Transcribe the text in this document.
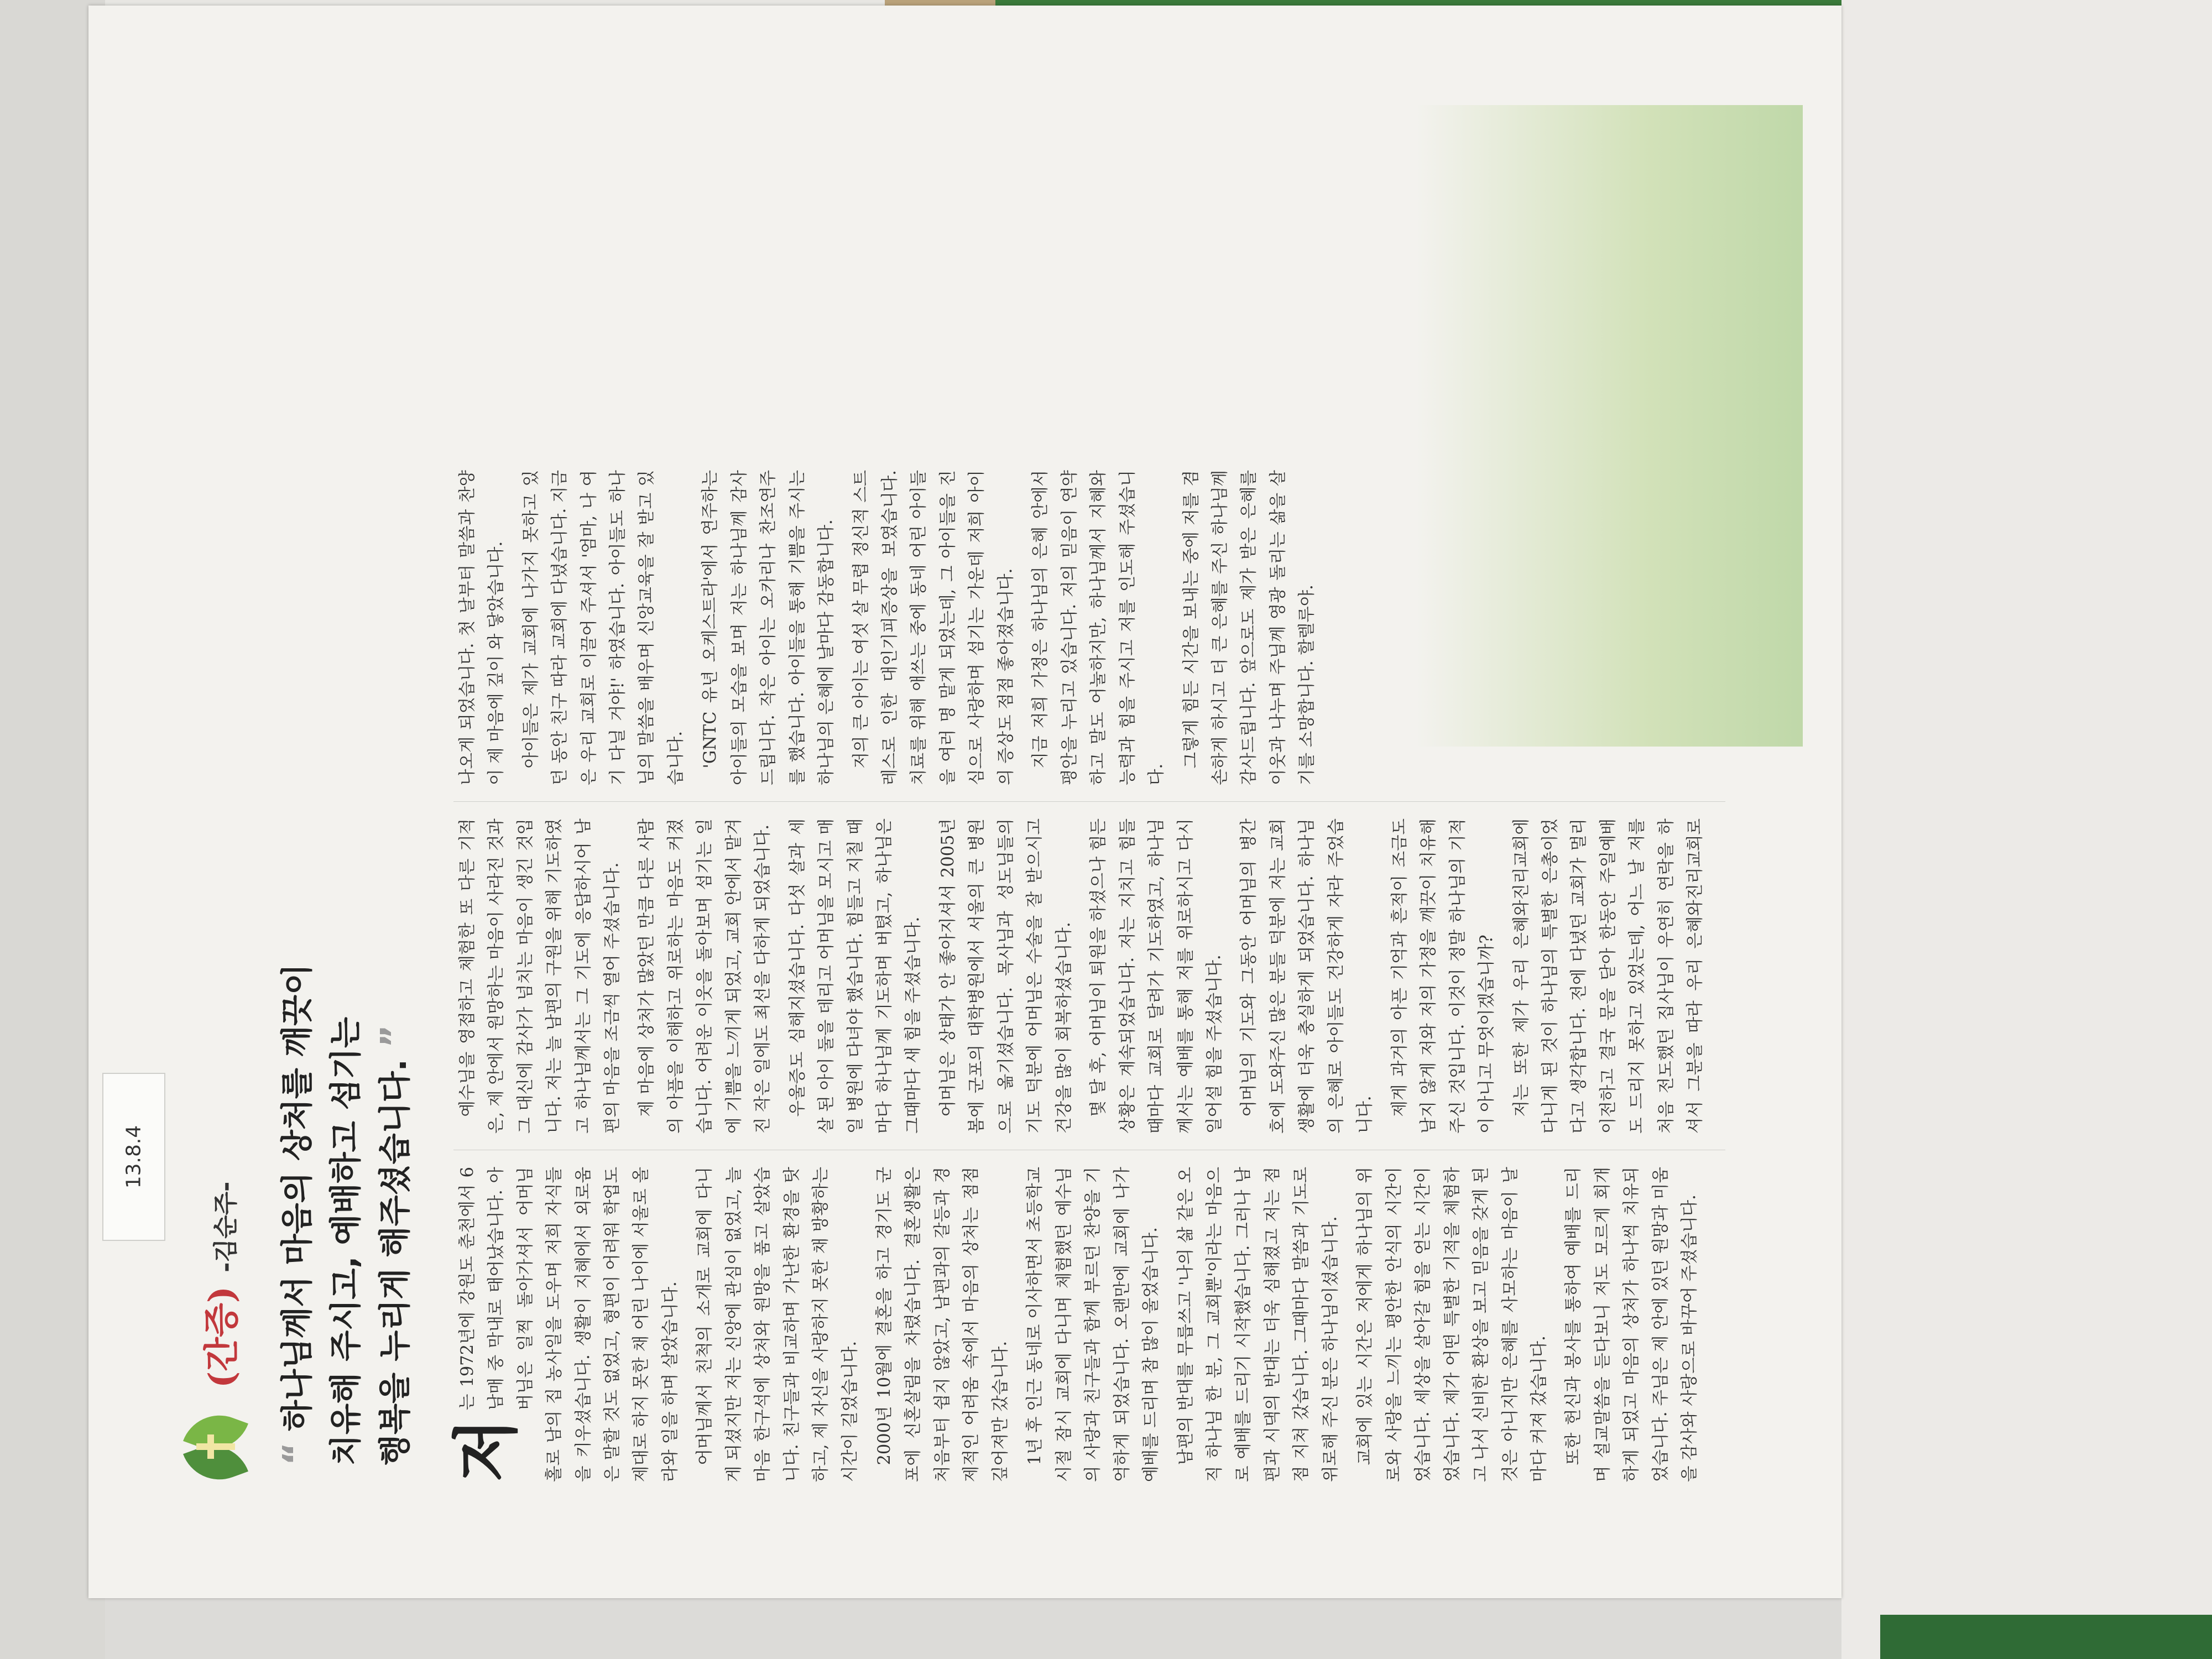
(간증) -김순주-
“ 하나님께서 마음의 상처를 깨끗이 치유해 주시고, 예배하고 섬기는 행복을 누리게 해주셨습니다. ”

저
는 1972년에 강원도 춘천에서 6남매 중 막내로 태어났습니다. 아버님은 일찍 돌아가셔서 어머님 홀로 남의 집 농사일을 도우며 저희 자식들을 키우셨습니다. 생활이 지혜에서 외로움은 말할 것도 없었고, 형편이 어려워 학업도 제대로 하지 못한 채 어린 나이에 서울로 올라와 일을 하며 살았습니다. 어머님께서 친척의 소개로 교회에 다니게 되셨지만 저는 신앙에 관심이 없었고, 늘 마음 한구석에 상처와 원망을 품고 살았습니다. 친구들과 비교하며 가난한 환경을 탓하고, 제 자신을 사랑하지 못한 채 방황하는 시간이 길었습니다. 2000년 10월에 결혼을 하고 경기도 군포에 신혼살림을 차렸습니다. 결혼생활은 처음부터 쉽지 않았고, 남편과의 갈등과 경제적인 어려움 속에서 마음의 상처는 점점 깊어져만 갔습니다. 1년 후 인근 동네로 이사하면서 초등학교 시절 잠시 교회에 다니며 체험했던 예수님의 사랑과 친구들과 함께 부르던 찬양을 기억하게 되었습니다. 오랜만에 교회에 나가 예배를 드리며 참 많이 울었습니다. 남편의 반대를 무릅쓰고 '나의 삶 같은 오직 하나님 한 분, 그 교회뿐'이라는 마음으로 예배를 드리기 시작했습니다. 그러나 남편과 시댁의 반대는 더욱 심해졌고 저는 점점 지쳐 갔습니다. 그때마다 말씀과 기도로 위로해 주신 분은 하나님이셨습니다. 교회에 있는 시간은 저에게 하나님의 위로와 사랑을 느끼는 평안한 안식의 시간이었습니다. 세상을 살아갈 힘을 얻는 시간이었습니다. 제가 어떤 특별한 기적을 체험하고 나서 신비한 환상을 보고 믿음을 갖게 된 것은 아니지만 은혜를 사모하는 마음이 날마다 커져 갔습니다. 또한 헌신과 봉사를 통하여 예배를 드리며 설교말씀을 듣다보니 저도 모르게 회개하게 되었고 마음의 상처가 하나씩 치유되었습니다. 주님은 제 안에 있던 원망과 미움을 감사와 사랑으로 바꾸어 주셨습니다.

예수님을 영접하고 체험한 또 다른 기적은, 제 안에서 원망하는 마음이 사라진 것과 그 대신에 감사가 넘치는 마음이 생긴 것입니다. 저는 늘 남편의 구원을 위해 기도하였고 하나님께서는 그 기도에 응답하시어 남편의 마음을 조금씩 열어 주셨습니다. 제 마음에 상처가 많았던 만큼 다른 사람의 아픔을 이해하고 위로하는 마음도 커졌습니다. 어려운 이웃을 돌아보며 섬기는 일에 기쁨을 느끼게 되었고, 교회 안에서 맡겨진 작은 일에도 최선을 다하게 되었습니다. 우울증도 심해지셨습니다. 다섯 살과 세 살 된 아이 둘을 데리고 어머님을 모시고 매일 병원에 다녀야 했습니다. 힘들고 지칠 때마다 하나님께 기도하며 버텼고, 하나님은 그때마다 새 힘을 주셨습니다. 어머님은 상태가 안 좋아지셔서 2005년 봄에 군포의 대학병원에서 서울의 큰 병원으로 옮기셨습니다. 목사님과 성도님들의 기도 덕분에 어머님은 수술을 잘 받으시고 건강을 많이 회복하셨습니다. 몇 달 후, 어머님이 퇴원을 하셨으나 힘든 상황은 계속되었습니다. 저는 지치고 힘들 때마다 교회로 달려가 기도하였고, 하나님께서는 예배를 통해 저를 위로하시고 다시 일어설 힘을 주셨습니다. 어머님의 기도와 그동안 어머님의 병간호에 도와주신 많은 분들 덕분에 저는 교회 생활에 더욱 충실하게 되었습니다. 하나님의 은혜로 아이들도 건강하게 자라 주었습니다. 제게 과거의 아픈 기억과 흔적이 조금도 남지 않게 저와 저의 가정을 깨끗이 치유해 주신 것입니다. 이것이 정말 하나님의 기적이 아니고 무엇이겠습니까? 저는 또한 제가 우리 은혜와진리교회에 다니게 된 것이 하나님의 특별한 은총이었다고 생각합니다. 전에 다녔던 교회가 멀리 이전하고 결국 문을 닫아 한동안 주일예배도 드리지 못하고 있었는데, 어느 날 저를 처음 전도했던 집사님이 우연히 연락을 하셔서 그분을 따라 우리 은혜와진리교회로 나오게 되었습니다. 첫 날부터 말씀과 찬양이 제 마음에 깊이 와 닿았습니다. 아이들은 제가 교회에 나가지 못하고 있던 동안 친구 따라 교회에 다녔습니다. 지금은 우리 교회로 이끌어 주셔서 '엄마, 나 여기 다닐 거야!' 하였습니다. 아이들도 하나님의 말씀을 배우며 신앙교육을 잘 받고 있습니다. 'GNTC 유년 오케스트라'에서 연주하는 아이들의 모습을 보며 저는 하나님께 감사드립니다. 작은 아이는 오카리나 찬조연주를 했습니다. 아이들을 통해 기쁨을 주시는 하나님의 은혜에 날마다 감동합니다. 저의 큰 아이는 여섯 살 무렵 정신적 스트레스로 인한 대인기피증상을 보였습니다. 치료를 위해 애쓰는 중에 동네 어린 아이들을 여러 명 맡게 되었는데, 그 아이들을 진심으로 사랑하며 섬기는 가운데 저희 아이의 증상도 점점 좋아졌습니다. 지금 저희 가정은 하나님의 은혜 안에서 평안을 누리고 있습니다. 저의 믿음이 연약하고 말도 어눌하지만, 하나님께서 지혜와 능력과 힘을 주시고 저를 인도해 주셨습니다.

그렇게 힘든 시간을 보내는 중에 저를 겸손하게 하시고 더 큰 은혜를 주신 하나님께 감사드립니다. 앞으로도 제가 받은 은혜를 이웃과 나누며 주님께 영광 돌리는 삶을 살기를 소망합니다. 할렐루야.

13.8.4
